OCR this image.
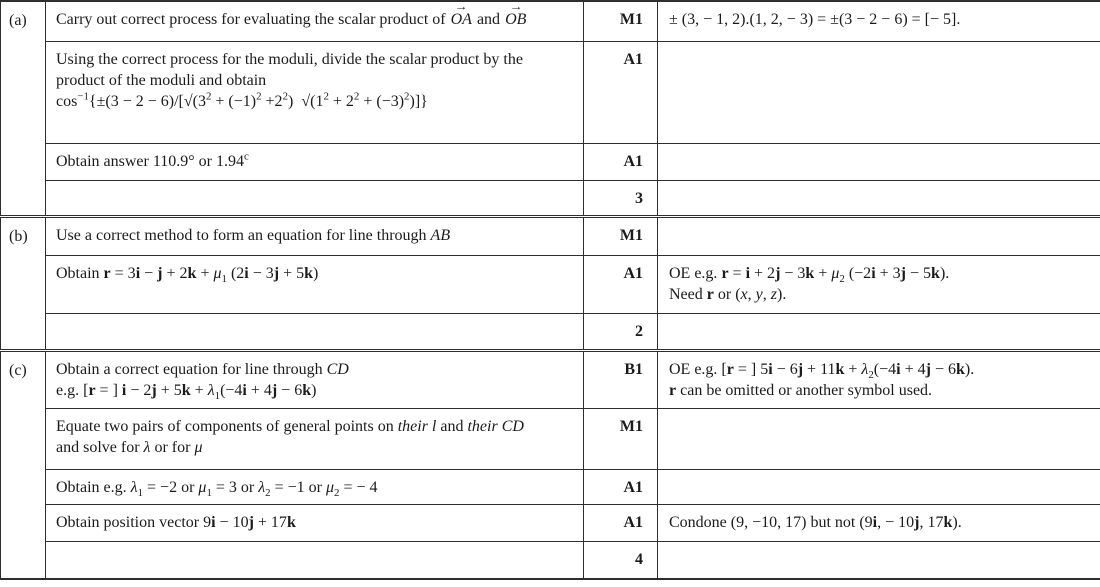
(a)	Carry out correct process for evaluating the scalar product of OA → and OB →	M1	± (3, − 1, 2).(1, 2, − 3) = ±(3 − 2 − 6) = [− 5].
	Using the correct process for the moduli, divide the scalar product by the
product of the moduli and obtain
$\cos^{-1}\{\pm(3 - 2 - 6)/[√(3^2 + (-1)^2 +2^2) √(1^2 + 2^2 + (-3)^2)]\}$	A1	
	Obtain answer 110.9° or 1.94$^c$	A1	
		3	
(b)	Use a correct method to form an equation for line through AB	M1	
	Obtain $r = 3i - j + 2k + \mu_1$ (2i − 3j + 5k)	A1	OE e.g. $r = i + 2j - 3k + \mu_2$ (−2i + 3j − 5k).
Need r or (x, y, z).
		2	
(c)	Obtain a correct equation for line through CD
e.g. [r = ] $i - 2j + 5k + \lambda_1(-4i + 4j - 6k)$	B1	OE e.g. [r = ] $5i - 6j + 11k + \lambda_2(-4i + 4j - 6k)$.
r can be omitted or another symbol used.
	Equate two pairs of components of general points on their l and their CD
and solve for λ or for μ	M1	
	Obtain e.g. $\lambda_1 = -2$ or $\mu_1 = 3$ or $\lambda_2 = -1$ or $\mu_2$ = − 4	A1	
	Obtain position vector 9i − 10j + 17k	A1	Condone (9, −10, 17) but not (9i, − 10j, 17k).
		4	
